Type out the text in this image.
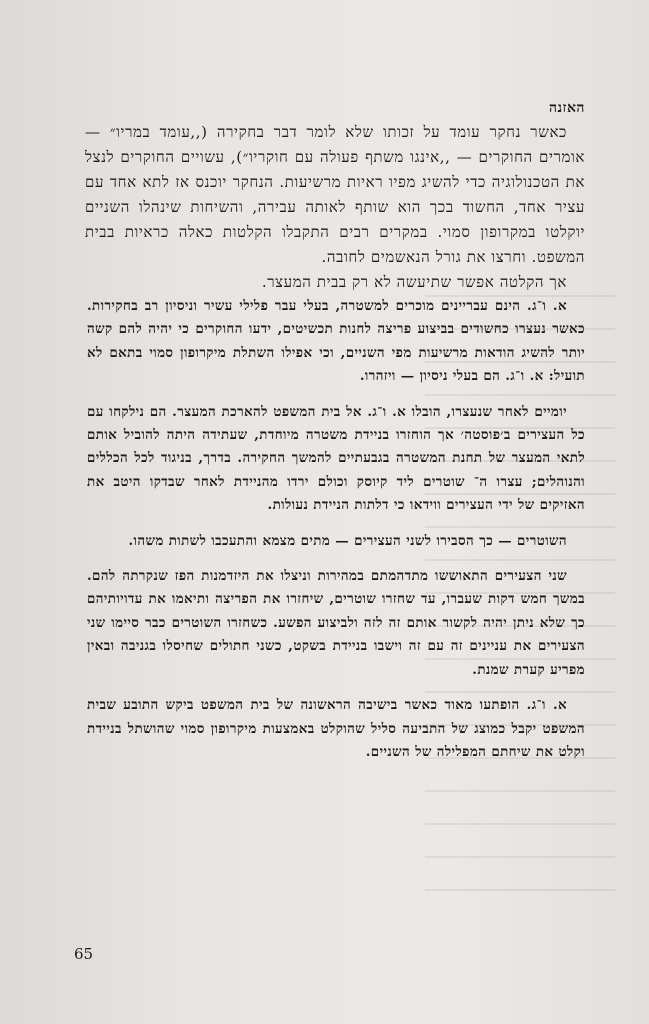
האזנה

כאשר נחקר עומד על זכותו שלא לומר דבר בחקירה (,,עומד במריו״ — אומרים החוקרים — ,,אינגו משתף פעולה עם חוקריו״), עשויים החוקרים לנצל את הטכנולוגיה כדי להשיג מפיו ראיות מרשיעות. הנחקר יוכנס אז לתא אחד עם עציר אחד, החשוד בכך הוא שותף לאותה עבירה, והשיחות שינהלו השניים יוקלטו במקרופון סמוי. במקרים רבים התקבלו הקלטות כאלה כראיות בבית המשפט. וחרצו את גורל הנאשמים לחובה.

אך הקלטה אפשר שתיעשה לא רק בבית המעצר.

א. ו־ג. הינם עבריינים מוכרים למשטרה, בעלי עבר פלילי עשיר וניסיון רב בחקירות. כאשר נעצרו כחשודים בביצוע פריצה לחנות תכשיטים, ידעו החוקרים כי יהיה להם קשה יותר להשיג הודאות מרשיעות מפי השניים, וכי אפילו השתלת מיקרופון סמוי בתאם לא תועיל: א. ו־ג. הם בעלי ניסיון — ויזהרו.

יומיים לאחר שנעצרו, הובלו א. ו־ג. אל בית המשפט להארכת המעצר. הם נילקחו עם כל העצירים ב׳פוסטה׳ אך הוחזרו בניידת משטרה מיוחדת, שעתידה היתה להוביל אותם לתאי המעצר של תחנת המשטרה בגבעתיים להמשך החקירה. בדרך, בניגוד לכל הכללים והנוהלים; עצרו ה־ שוטרים ליד קיוסק וכולם ירדו מהניידת לאחר שבדקו היטב את האזיקים של ידי העצירים ווידאו כי דלתות הניידת נעולות.

השוטרים — כך הסבירו לשני העצירים — מתים מצמא והתעכבו לשתות משהו.

שני הצעירים התאוששו מתדהמתם במהירות וניצלו את היזדמנות הפז שנקרתה להם. במשך חמש דקות שעברו, עד שחזרו שוטרים, שיחזרו את הפריצה ותיאמו את עדויותיהם כך שלא ניתן יהיה לקשור אותם זה לזה ולביצוע הפשע. כשחזרו השוטרים כבר סיימו שני הצעירים את עניינים זה עם זה וישבו בניידת בשקט, כשני חתולים שחיסלו בגניבה ובאין מפריע קערת שמנת.

א. ו־ג. הופתעו מאוד כאשר בישיבה הראשונה של בית המשפט ביקש התובע שבית המשפט יקבל כמוצג של התביעה סליל שהוקלט באמצעות מיקרופון סמוי שהושתל בניידת וקלט את שיחתם המפלילה של השניים.

65
